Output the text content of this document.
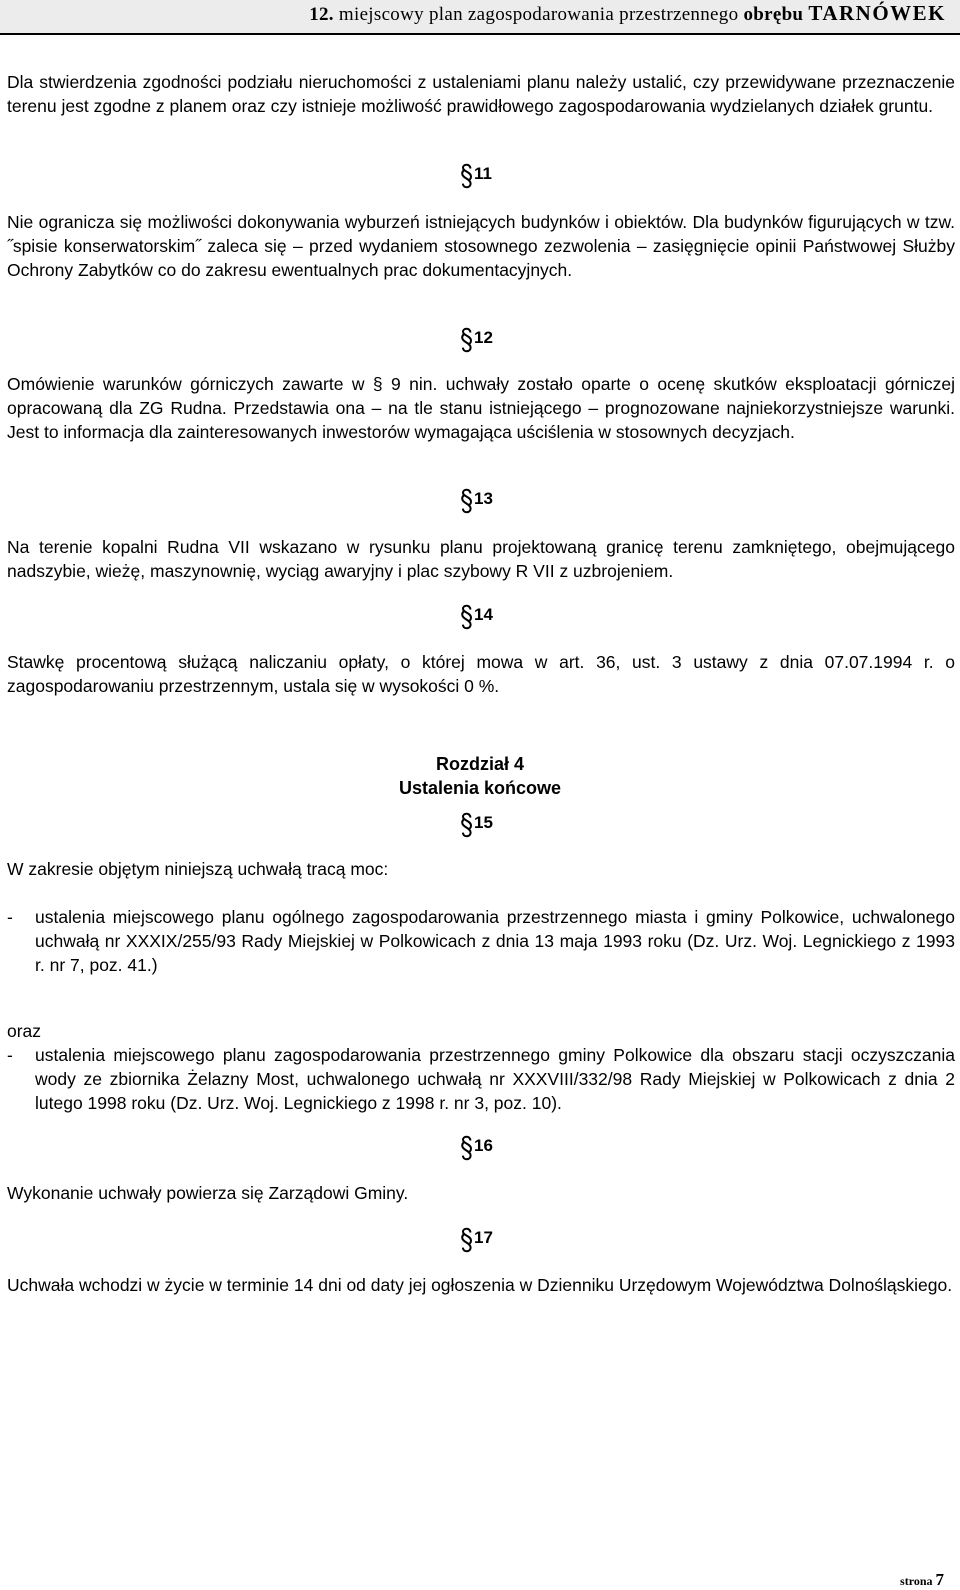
12. miejscowy plan zagospodarowania przestrzennego obrębu TARNÓWEK

Dla stwierdzenia zgodności podziału nieruchomości z ustaleniami planu należy ustalić, czy przewidywane przeznaczenie terenu jest zgodne z planem oraz czy istnieje możliwość prawidłowego zagospodarowania wydzielanych działek gruntu.

11

Nie ogranicza się możliwości dokonywania wyburzeń istniejących budynków i obiektów. Dla budynków figurujących w tzw. ˝spisie konserwatorskim˝ zaleca się – przed wydaniem stosownego zezwolenia – zasięgnięcie opinii Państwowej Służby Ochrony Zabytków co do zakresu ewentualnych prac dokumentacyjnych.

12

Omówienie warunków górniczych zawarte w § 9 nin. uchwały zostało oparte o ocenę skutków eksploatacji górniczej opracowaną dla ZG Rudna. Przedstawia ona – na tle stanu istniejącego – prognozowane najniekorzystniejsze warunki. Jest to informacja dla zainteresowanych inwestorów wymagająca uściślenia w stosownych decyzjach.

13

Na terenie kopalni Rudna VII wskazano w rysunku planu projektowaną granicę terenu zamkniętego, obejmującego nadszybie, wieżę, maszynownię, wyciąg awaryjny i plac szybowy R VII z uzbrojeniem.

14

Stawkę procentową służącą naliczaniu opłaty, o której mowa w art. 36, ust. 3 ustawy z dnia 07.07.1994 r. o zagospodarowaniu przestrzennym, ustala się w wysokości 0 %.

Rozdział 4
Ustalenia końcowe
15

W zakresie objętym niniejszą uchwałą tracą moc:

- ustalenia miejscowego planu ogólnego zagospodarowania przestrzennego miasta i gminy Polkowice, uchwalonego uchwałą nr XXXIX/255/93 Rady Miejskiej w Polkowicach z dnia 13 maja 1993 roku (Dz. Urz. Woj. Legnickiego z 1993 r. nr 7, poz. 41.)

oraz

- ustalenia miejscowego planu zagospodarowania przestrzennego gminy Polkowice dla obszaru stacji oczyszczania wody ze zbiornika Żelazny Most, uchwalonego uchwałą nr XXXVIII/332/98 Rady Miejskiej w Polkowicach z dnia 2 lutego 1998 roku (Dz. Urz. Woj. Legnickiego z 1998 r. nr 3, poz. 10).

16

Wykonanie uchwały powierza się Zarządowi Gminy.

17

Uchwała wchodzi w życie w terminie 14 dni od daty jej ogłoszenia w Dzienniku Urzędowym Województwa Dolnośląskiego.

strona 7
